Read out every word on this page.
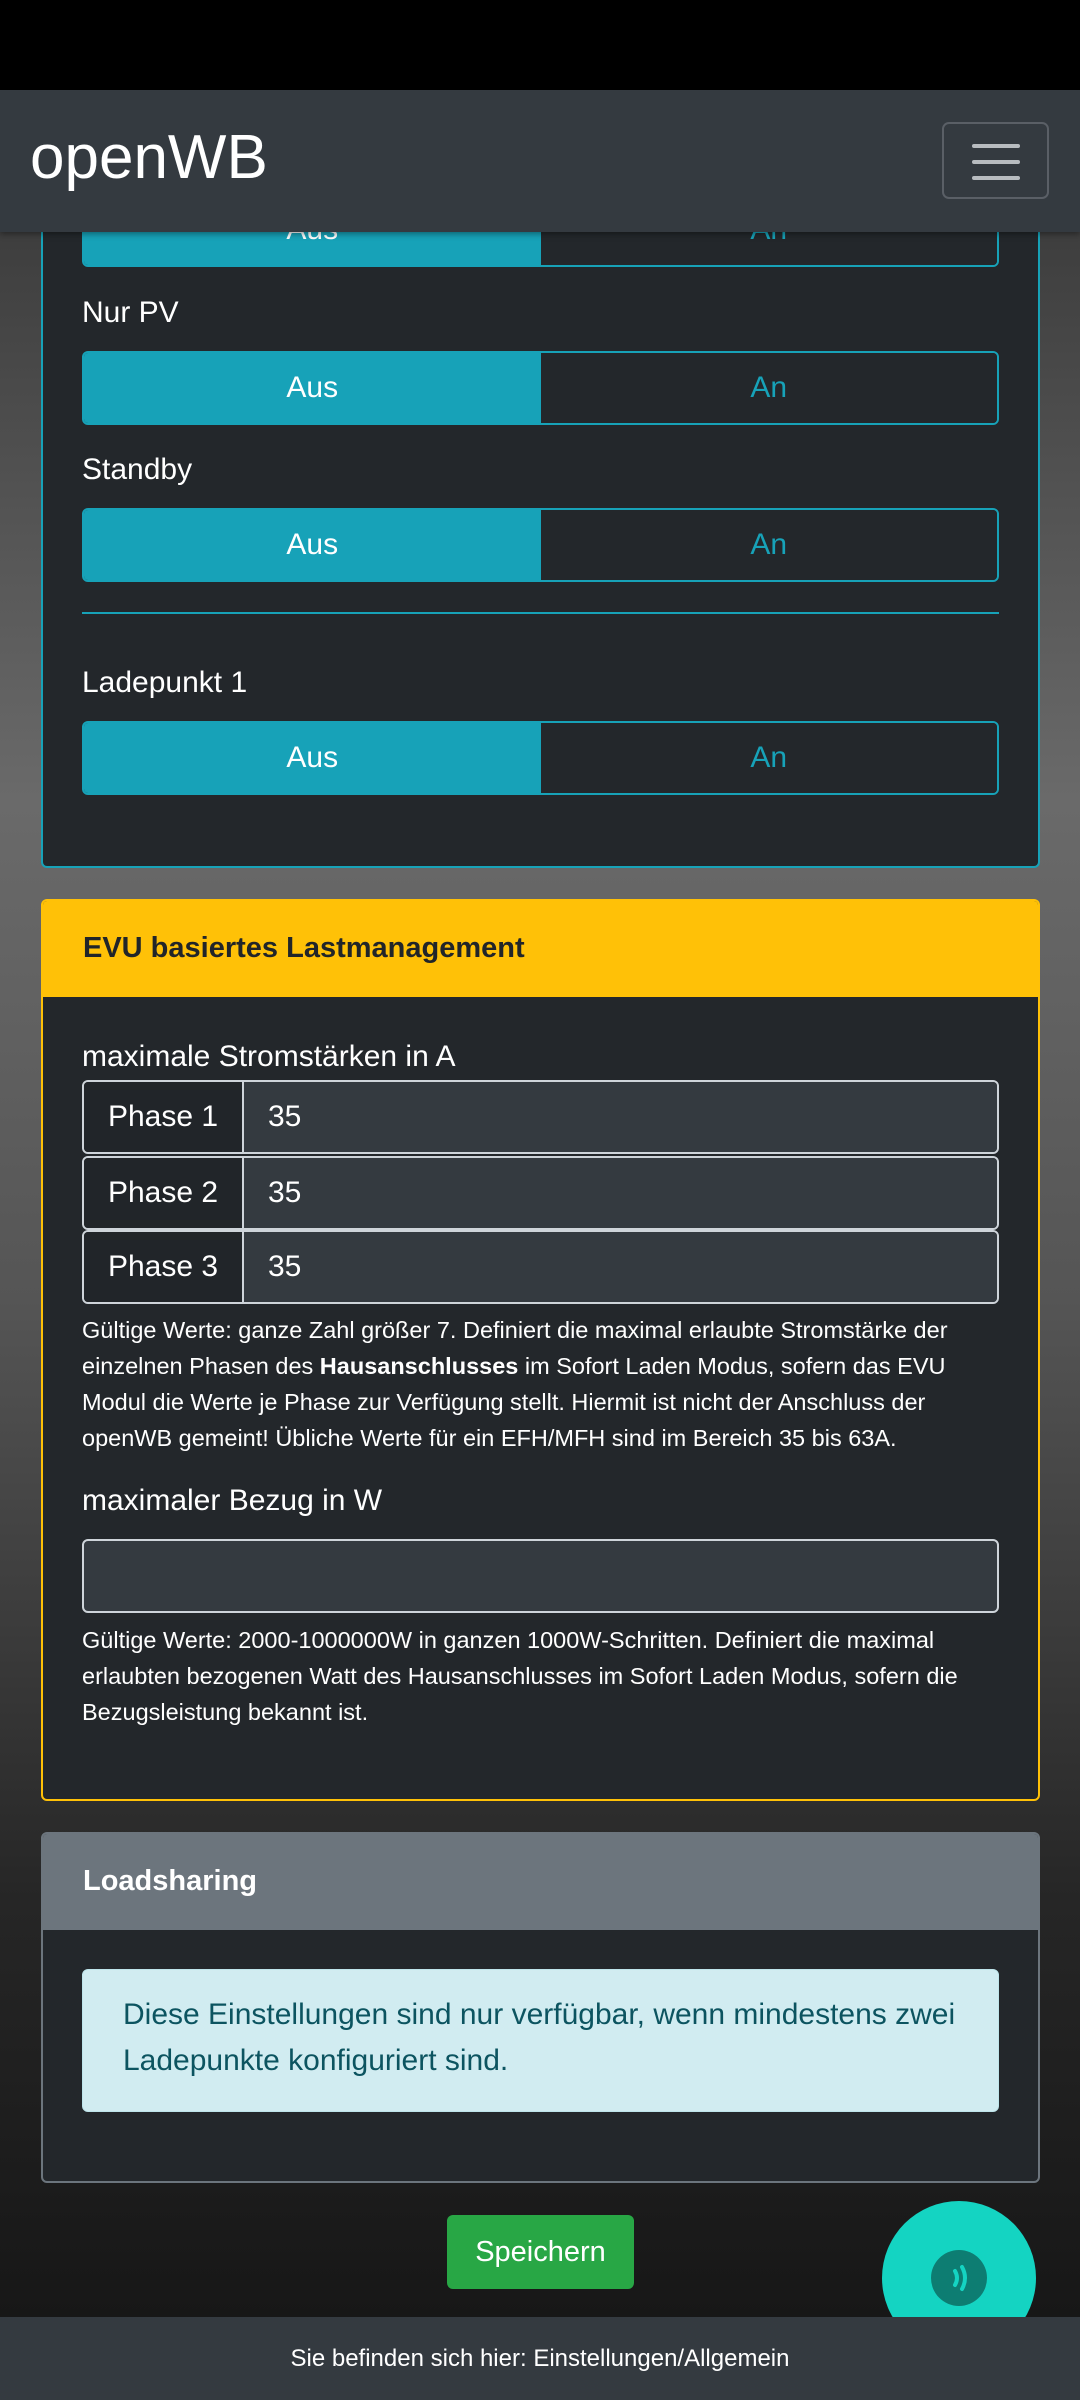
openWB
Nur PV
Aus	An
Standby
Aus	An
Ladepunkt 1
Aus	An
EVU basiertes Lastmanagement
maximale Stromstärken in A
Phase 1	35
Phase 2	35
Phase 3	35
Gültige Werte: ganze Zahl größer 7. Definiert die maximal erlaubte Stromstärke der einzelnen Phasen des Hausanschlusses im Sofort Laden Modus, sofern das EVU Modul die Werte je Phase zur Verfügung stellt. Hiermit ist nicht der Anschluss der openWB gemeint! Übliche Werte für ein EFH/MFH sind im Bereich 35 bis 63A.
maximaler Bezug in W
Gültige Werte: 2000-1000000W in ganzen 1000W-Schritten. Definiert die maximal erlaubten bezogenen Watt des Hausanschlusses im Sofort Laden Modus, sofern die Bezugsleistung bekannt ist.
Loadsharing
Diese Einstellungen sind nur verfügbar, wenn mindestens zwei Ladepunkte konfiguriert sind.
Speichern
Sie befinden sich hier: Einstellungen/Allgemein
